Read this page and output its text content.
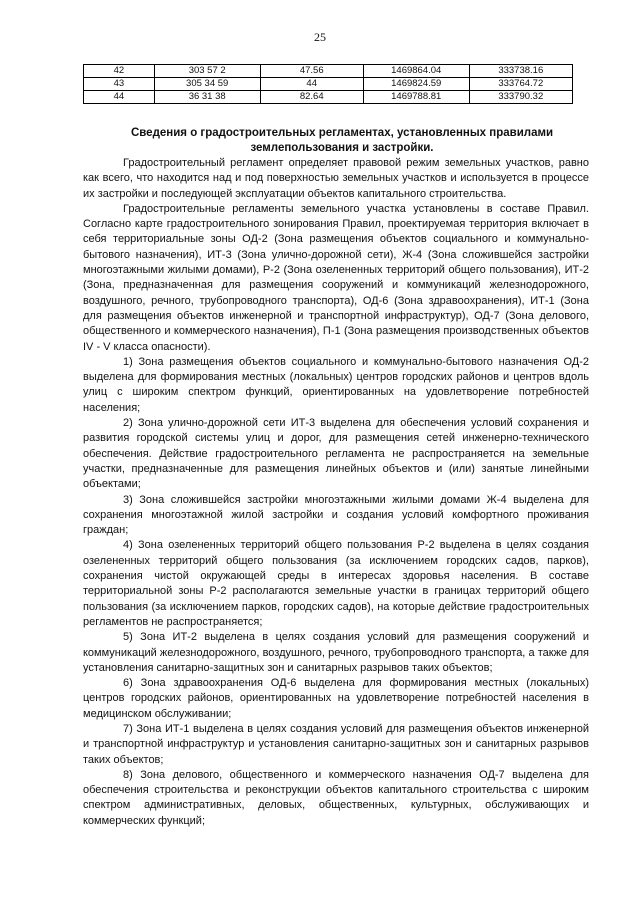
25
42	303 57 2	47.56	1469864.04	333738.16
43	305 34 59	44	1469824.59	333764.72
44	36 31 38	82.64	1469788.81	333790.32
Сведения о градостроительных регламентах, установленных правилами землепользования и застройки.

Градостроительный регламент определяет правовой режим земельных участков, равно как всего, что находится над и под поверхностью земельных участков и используется в процессе их застройки и последующей эксплуатации объектов капитального строительства.

Градостроительные регламенты земельного участка установлены в составе Правил. Согласно карте градостроительного зонирования Правил, проектируемая территория включает в себя территориальные зоны ОД-2 (Зона размещения объектов социального и коммунально-бытового назначения), ИТ-3 (Зона улично-дорожной сети), Ж-4 (Зона сложившейся застройки многоэтажными жилыми домами), Р-2 (Зона озелененных территорий общего пользования), ИТ-2 (Зона, предназначенная для размещения сооружений и коммуникаций железнодорожного, воздушного, речного, трубопроводного транспорта), ОД-6 (Зона здравоохранения), ИТ-1 (Зона для размещения объектов инженерной и транспортной инфраструктур), ОД-7 (Зона делового, общественного и коммерческого назначения), П-1 (Зона размещения производственных объектов IV - V класса опасности).

1) Зона размещения объектов социального и коммунально-бытового назначения ОД-2 выделена для формирования местных (локальных) центров городских районов и центров вдоль улиц с широким спектром функций, ориентированных на удовлетворение потребностей населения;

2) Зона улично-дорожной сети ИТ-3 выделена для обеспечения условий сохранения и развития городской системы улиц и дорог, для размещения сетей инженерно-технического обеспечения. Действие градостроительного регламента не распространяется на земельные участки, предназначенные для размещения линейных объектов и (или) занятые линейными объектами;

3) Зона сложившейся застройки многоэтажными жилыми домами Ж-4 выделена для сохранения многоэтажной жилой застройки и создания условий комфортного проживания граждан;

4) Зона озелененных территорий общего пользования Р-2 выделена в целях создания озелененных территорий общего пользования (за исключением городских садов, парков), сохранения чистой окружающей среды в интересах здоровья населения. В составе территориальной зоны Р-2 располагаются земельные участки в границах территорий общего пользования (за исключением парков, городских садов), на которые действие градостроительных регламентов не распространяется;

5) Зона ИТ-2 выделена в целях создания условий для размещения сооружений и коммуникаций железнодорожного, воздушного, речного, трубопроводного транспорта, а также для установления санитарно-защитных зон и санитарных разрывов таких объектов;

6) Зона здравоохранения ОД-6 выделена для формирования местных (локальных) центров городских районов, ориентированных на удовлетворение потребностей населения в медицинском обслуживании;

7) Зона ИТ-1 выделена в целях создания условий для размещения объектов инженерной и транспортной инфраструктур и установления санитарно-защитных зон и санитарных разрывов таких объектов;

8) Зона делового, общественного и коммерческого назначения ОД-7 выделена для обеспечения строительства и реконструкции объектов капитального строительства с широким спектром административных, деловых, общественных, культурных, обслуживающих и коммерческих функций;
